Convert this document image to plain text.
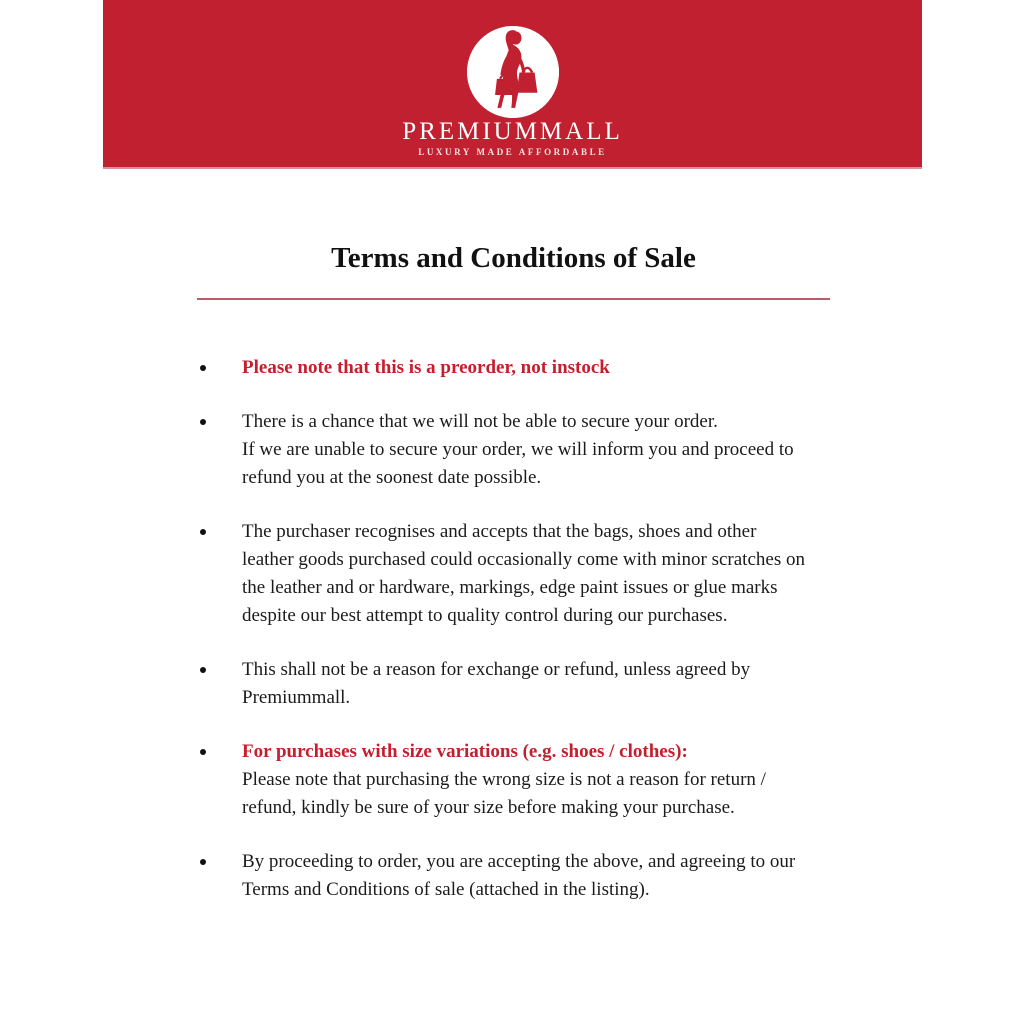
PREMIUMMALL
LUXURY MADE AFFORDABLE
Terms and Conditions of Sale
Please note that this is a preorder, not instock
There is a chance that we will not be able to secure your order.
If we are unable to secure your order, we will inform you and proceed to
refund you at the soonest date possible.
The purchaser recognises and accepts that the bags, shoes and other
leather goods purchased could occasionally come with minor scratches on
the leather and or hardware, markings, edge paint issues or glue marks
despite our best attempt to quality control during our purchases.
This shall not be a reason for exchange or refund, unless agreed by
Premiummall.
For purchases with size variations (e.g. shoes / clothes):
Please note that purchasing the wrong size is not a reason for return /
refund, kindly be sure of your size before making your purchase.
By proceeding to order, you are accepting the above, and agreeing to our
Terms and Conditions of sale (attached in the listing).
